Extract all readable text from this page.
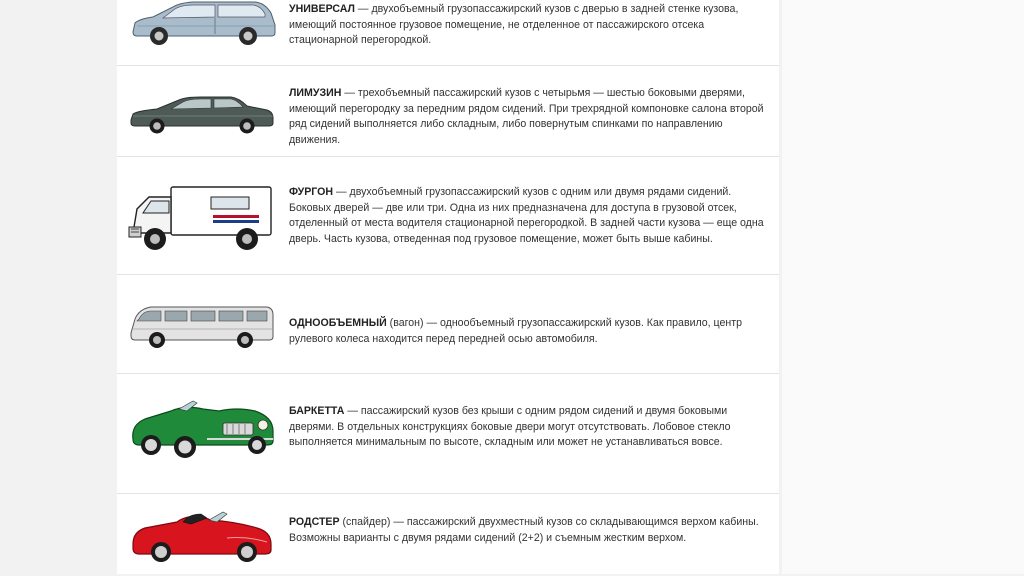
УНИВЕРСАЛ — двухобъемный грузопассажирский кузов с дверью в задней стенке кузова, имеющий постоянное грузовое помещение, не отделенное от пассажирского отсека стационарной перегородкой.
ЛИМУЗИН — трехобъемный пассажирский кузов с четырьмя — шестью боковыми дверями, имеющий перегородку за передним рядом сидений. При трехрядной компоновке салона второй ряд сидений выполняется либо складным, либо повернутым спинками по направлению движения.
ФУРГОН — двухобъемный грузопассажирский кузов с одним или двумя рядами сидений. Боковых дверей — две или три. Одна из них предназначена для доступа в грузовой отсек, отделенный от места водителя стационарной перегородкой. В задней части кузова — еще одна дверь. Часть кузова, отведенная под грузовое помещение, может быть выше кабины.
ОДНООБЪЕМНЫЙ (вагон) — однообъемный грузопассажирский кузов. Как правило, центр рулевого колеса находится перед передней осью автомобиля.
БАРКЕТТА — пассажирский кузов без крыши с одним рядом сидений и двумя боковыми дверями. В отдельных конструкциях боковые двери могут отсутствовать. Лобовое стекло выполняется минимальным по высоте, складным или может не устанавливаться вовсе.
РОДСТЕР (спайдер) — пассажирский двухместный кузов со складывающимся верхом кабины. Возможны варианты с двумя рядами сидений (2+2) и съемным жестким верхом.
